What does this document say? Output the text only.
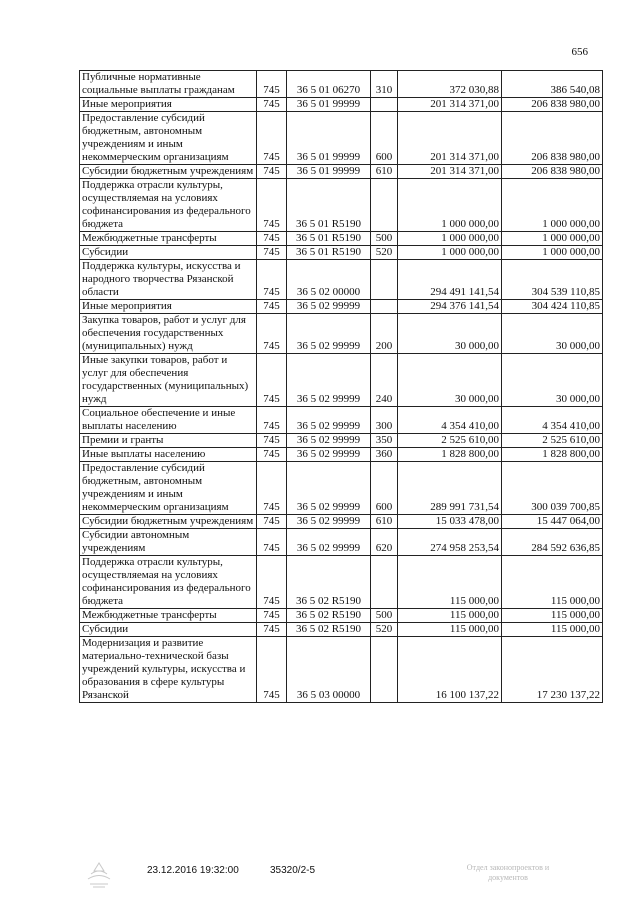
656
Публичные нормативные социальные выплаты гражданам	745	36 5 01 06270	310	372 030,88	386 540,08
Иные мероприятия	745	36 5 01 99999		201 314 371,00	206 838 980,00
Предоставление субсидий бюджетным, автономным учреждениям и иным некоммерческим организациям	745	36 5 01 99999	600	201 314 371,00	206 838 980,00
Субсидии бюджетным учреждениям	745	36 5 01 99999	610	201 314 371,00	206 838 980,00
Поддержка отрасли культуры, осуществляемая на условиях софинансирования из федерального бюджета	745	36 5 01 R5190		1 000 000,00	1 000 000,00
Межбюджетные трансферты	745	36 5 01 R5190	500	1 000 000,00	1 000 000,00
Субсидии	745	36 5 01 R5190	520	1 000 000,00	1 000 000,00
Поддержка культуры, искусства и народного творчества Рязанской области	745	36 5 02 00000		294 491 141,54	304 539 110,85
Иные мероприятия	745	36 5 02 99999		294 376 141,54	304 424 110,85
Закупка товаров, работ и услуг для обеспечения государственных (муниципальных) нужд	745	36 5 02 99999	200	30 000,00	30 000,00
Иные закупки товаров, работ и услуг для обеспечения государственных (муниципальных) нужд	745	36 5 02 99999	240	30 000,00	30 000,00
Социальное обеспечение и иные выплаты населению	745	36 5 02 99999	300	4 354 410,00	4 354 410,00
Премии и гранты	745	36 5 02 99999	350	2 525 610,00	2 525 610,00
Иные выплаты населению	745	36 5 02 99999	360	1 828 800,00	1 828 800,00
Предоставление субсидий бюджетным, автономным учреждениям и иным некоммерческим организациям	745	36 5 02 99999	600	289 991 731,54	300 039 700,85
Субсидии бюджетным учреждениям	745	36 5 02 99999	610	15 033 478,00	15 447 064,00
Субсидии автономным учреждениям	745	36 5 02 99999	620	274 958 253,54	284 592 636,85
Поддержка отрасли культуры, осуществляемая на условиях софинансирования из федерального бюджета	745	36 5 02 R5190		115 000,00	115 000,00
Межбюджетные трансферты	745	36 5 02 R5190	500	115 000,00	115 000,00
Субсидии	745	36 5 02 R5190	520	115 000,00	115 000,00
Модернизация и развитие материально-технической базы учреждений культуры, искусства и образования в сфере культуры Рязанской	745	36 5 03 00000		16 100 137,22	17 230 137,22
23.12.2016 19:32:00	35320/2-5	Отдел законопроектов и
документов
